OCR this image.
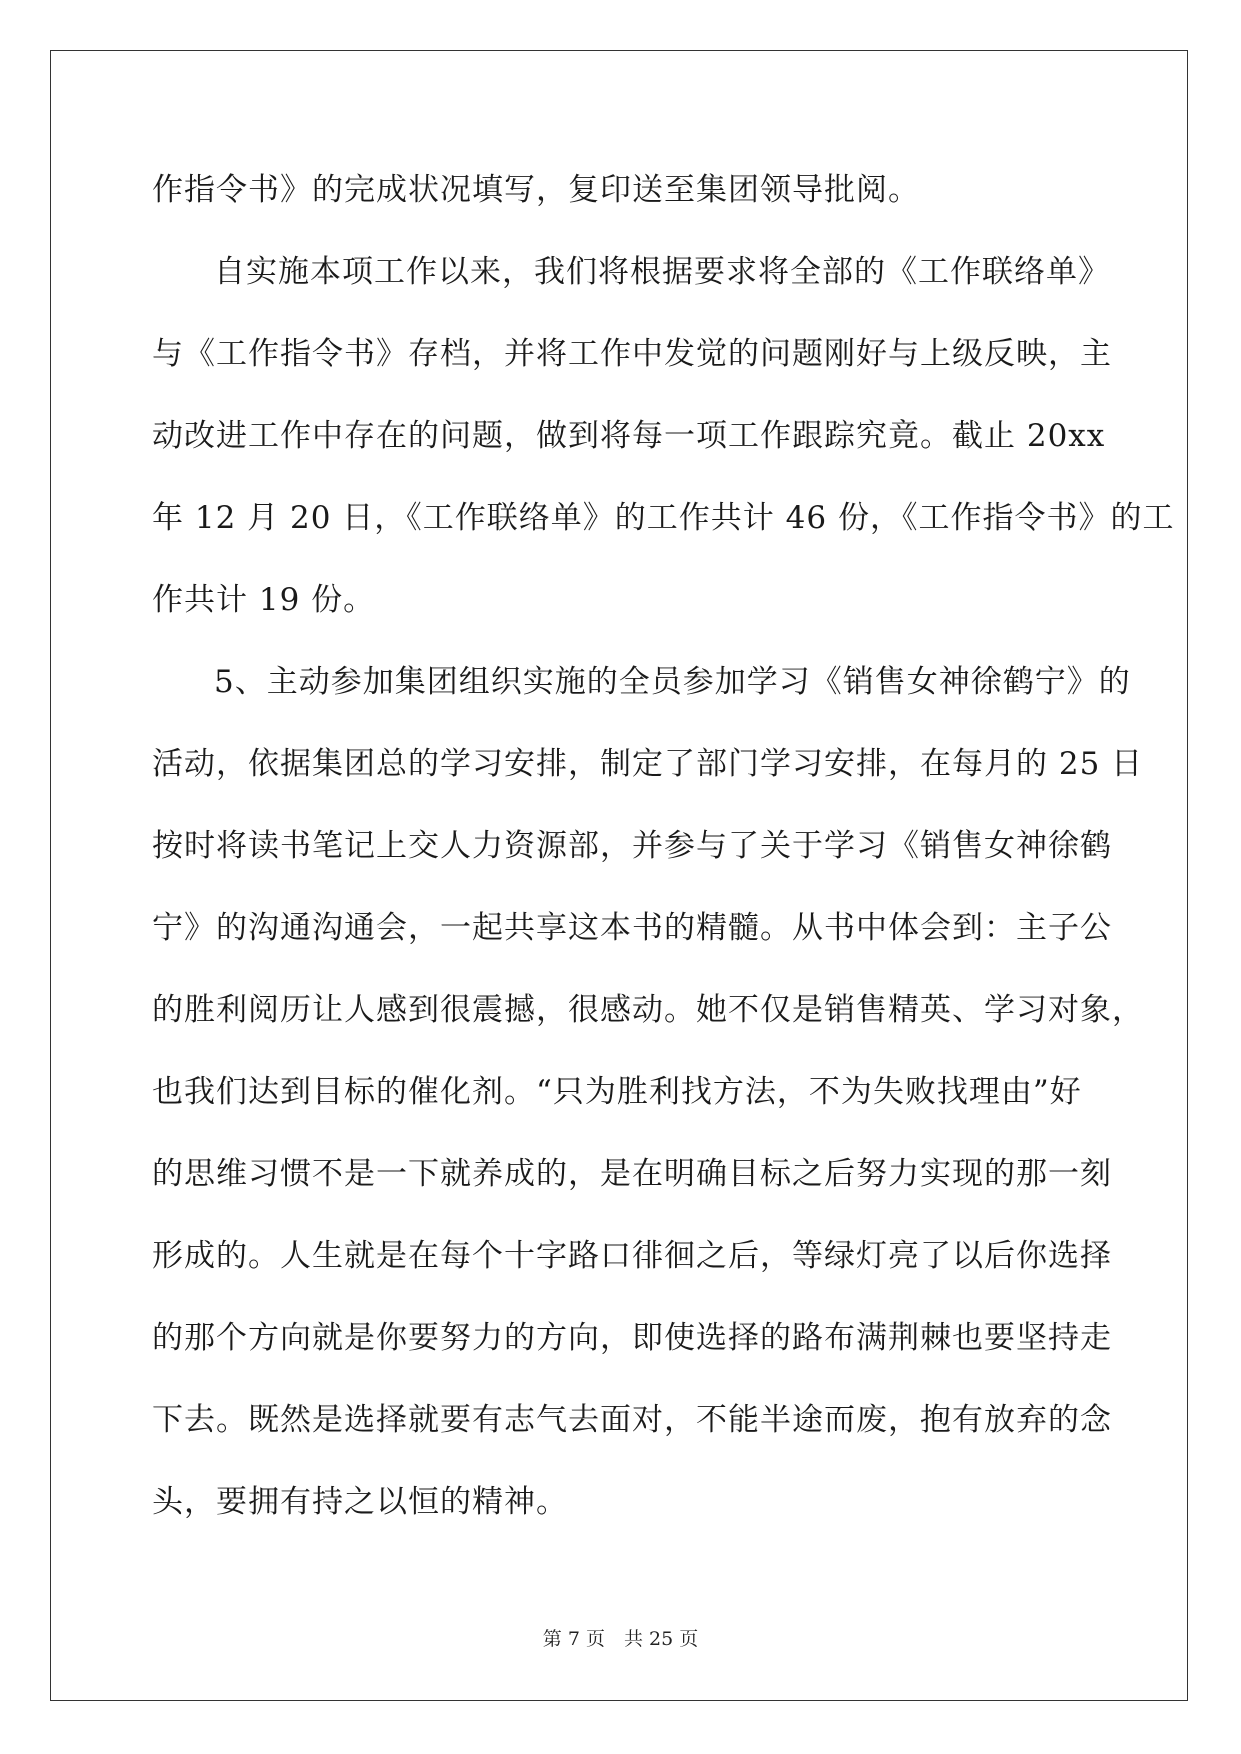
作指令书》的完成状况填写，复印送至集团领导批阅。
自实施本项工作以来，我们将根据要求将全部的《工作联络单》
与《工作指令书》存档，并将工作中发觉的问题刚好与上级反映，主
动改进工作中存在的问题，做到将每一项工作跟踪究竟。截止 20xx
年 12 月 20 日，《工作联络单》的工作共计 46 份，《工作指令书》的工
作共计 19 份。
5、主动参加集团组织实施的全员参加学习《销售女神徐鹤宁》的
活动，依据集团总的学习安排，制定了部门学习安排，在每月的 25 日
按时将读书笔记上交人力资源部，并参与了关于学习《销售女神徐鹤
宁》的沟通沟通会，一起共享这本书的精髓。从书中体会到：主子公
的胜利阅历让人感到很震撼，很感动。她不仅是销售精英、学习对象，
也我们达到目标的催化剂。“只为胜利找方法，不为失败找理由”好
的思维习惯不是一下就养成的，是在明确目标之后努力实现的那一刻
形成的。人生就是在每个十字路口徘徊之后，等绿灯亮了以后你选择
的那个方向就是你要努力的方向，即使选择的路布满荆棘也要坚持走
下去。既然是选择就要有志气去面对，不能半途而废，抱有放弃的念
头，要拥有持之以恒的精神。
第 7 页　共 25 页
